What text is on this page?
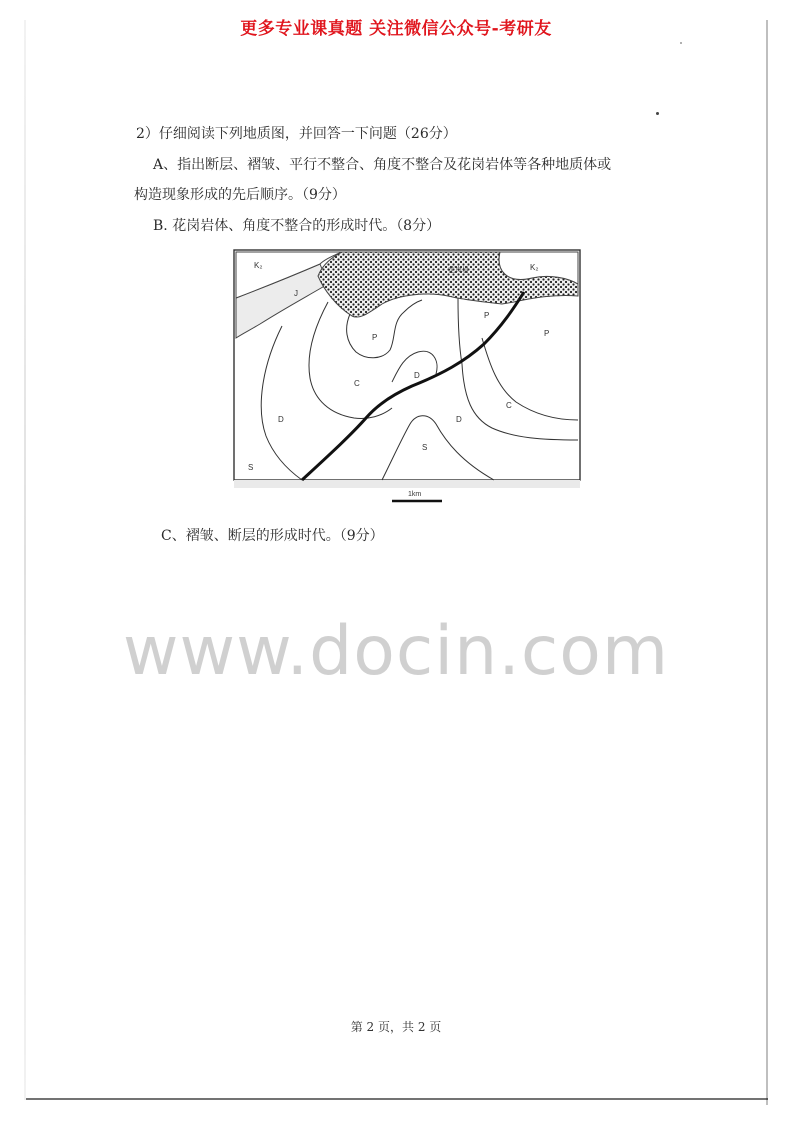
更多专业课真题 关注微信公众号-考研友
2）仔细阅读下列地质图，并回答一下问题（26分）
A、指出断层、褶皱、平行不整合、角度不整合及花岗岩体等各种地质体或
构造现象形成的先后顺序。（9分）
B. 花岗岩体、角度不整合的形成时代。（8分）
K₂	K₂
J
花岗岩
P
P
P
C
C
D
D
D
S
S
1km
C、褶皱、断层的形成时代。（9分）
www.docin.com
第 2 页，共 2 页
